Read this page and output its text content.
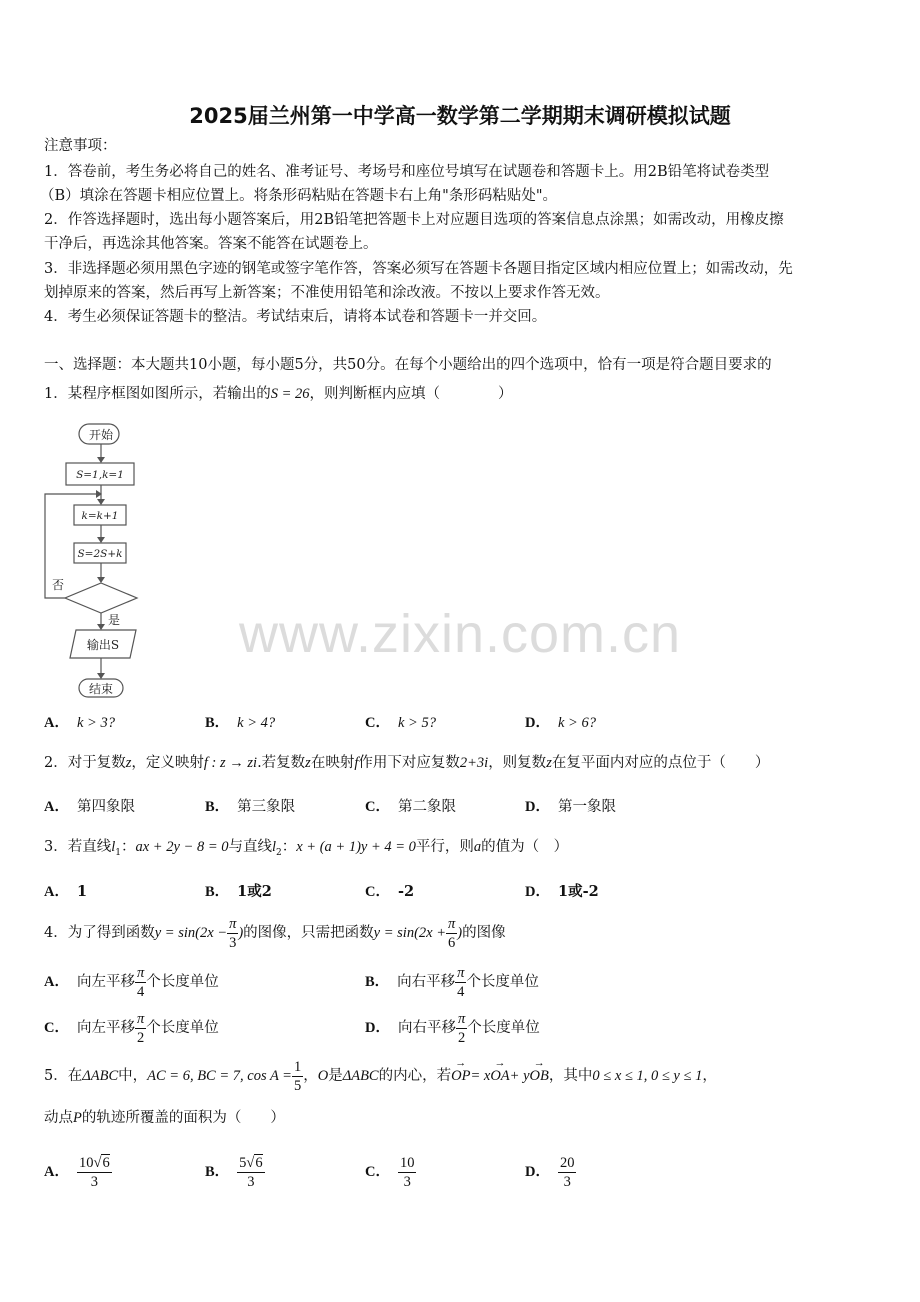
www.zixin.com.cn
2025届兰州第一中学高一数学第二学期期末调研模拟试题
注意事项：
1．答卷前，考生务必将自己的姓名、准考证号、考场号和座位号填写在试题卷和答题卡上。用2B铅笔将试卷类型
（B）填涂在答题卡相应位置上。将条形码粘贴在答题卡右上角"条形码粘贴处"。
2．作答选择题时，选出每小题答案后，用2B铅笔把答题卡上对应题目选项的答案信息点涂黑；如需改动，用橡皮擦
干净后，再选涂其他答案。答案不能答在试题卷上。
3．非选择题必须用黑色字迹的钢笔或签字笔作答，答案必须写在答题卡各题目指定区域内相应位置上；如需改动，先
划掉原来的答案，然后再写上新答案；不准使用铅笔和涂改液。不按以上要求作答无效。
4．考生必须保证答题卡的整洁。考试结束后，请将本试卷和答题卡一并交回。
一、选择题：本大题共10小题，每小题5分，共50分。在每个小题给出的四个选项中，恰有一项是符合题目要求的
1．某程序框图如图所示，若输出的S = 26，则判断框内应填（　　　　）
开始
S=1,k=1
k=k+1
S=2S+k
否
是
输出S
结束
A． k > 3?	B． k > 4?	C． k > 5?	D． k > 6?
2．对于复数z，定义映射f : z → zi.若复数z在映射f作用下对应复数2+3i，则复数z在复平面内对应的点位于（　　）
A． 第四象限	B． 第三象限	C． 第二象限	D． 第一象限
3．若直线$l_1$：ax + 2y − 8 = 0与直线$l_2$：x + (a + 1)y + 4 = 0平行，则a的值为（　）
A． 1	B． 1或2	C． -2	D． 1或-2
4．为了得到函数$y = \sin(2x - \frac{\pi}{3}$ )的图像，只需把函数$y = \sin(2x + \frac{\pi}{6}$ )的图像
A． 向左平移 $\frac{\pi}{4}$ 个长度单位	B． 向右平移 $\frac{\pi}{4}$ 个长度单位
C． 向左平移 $\frac{\pi}{2}$ 个长度单位	D． 向右平移 $\frac{\pi}{2}$ 个长度单位
5．在ΔABC中，AC = 6, BC = 7, $\cos A = \frac{1}{5}$ ，O是ΔABC的内心，若→ OP= x→ OA+ y→ OB，其中0 ≤ x ≤ 1, 0 ≤ y ≤ 1，
动点P的轨迹所覆盖的面积为（　　）
A． $\frac{10√6}{3}$	B． $\frac{5√6}{3}$	C． $\frac{10}{3}$	D． $\frac{20}{3}$
